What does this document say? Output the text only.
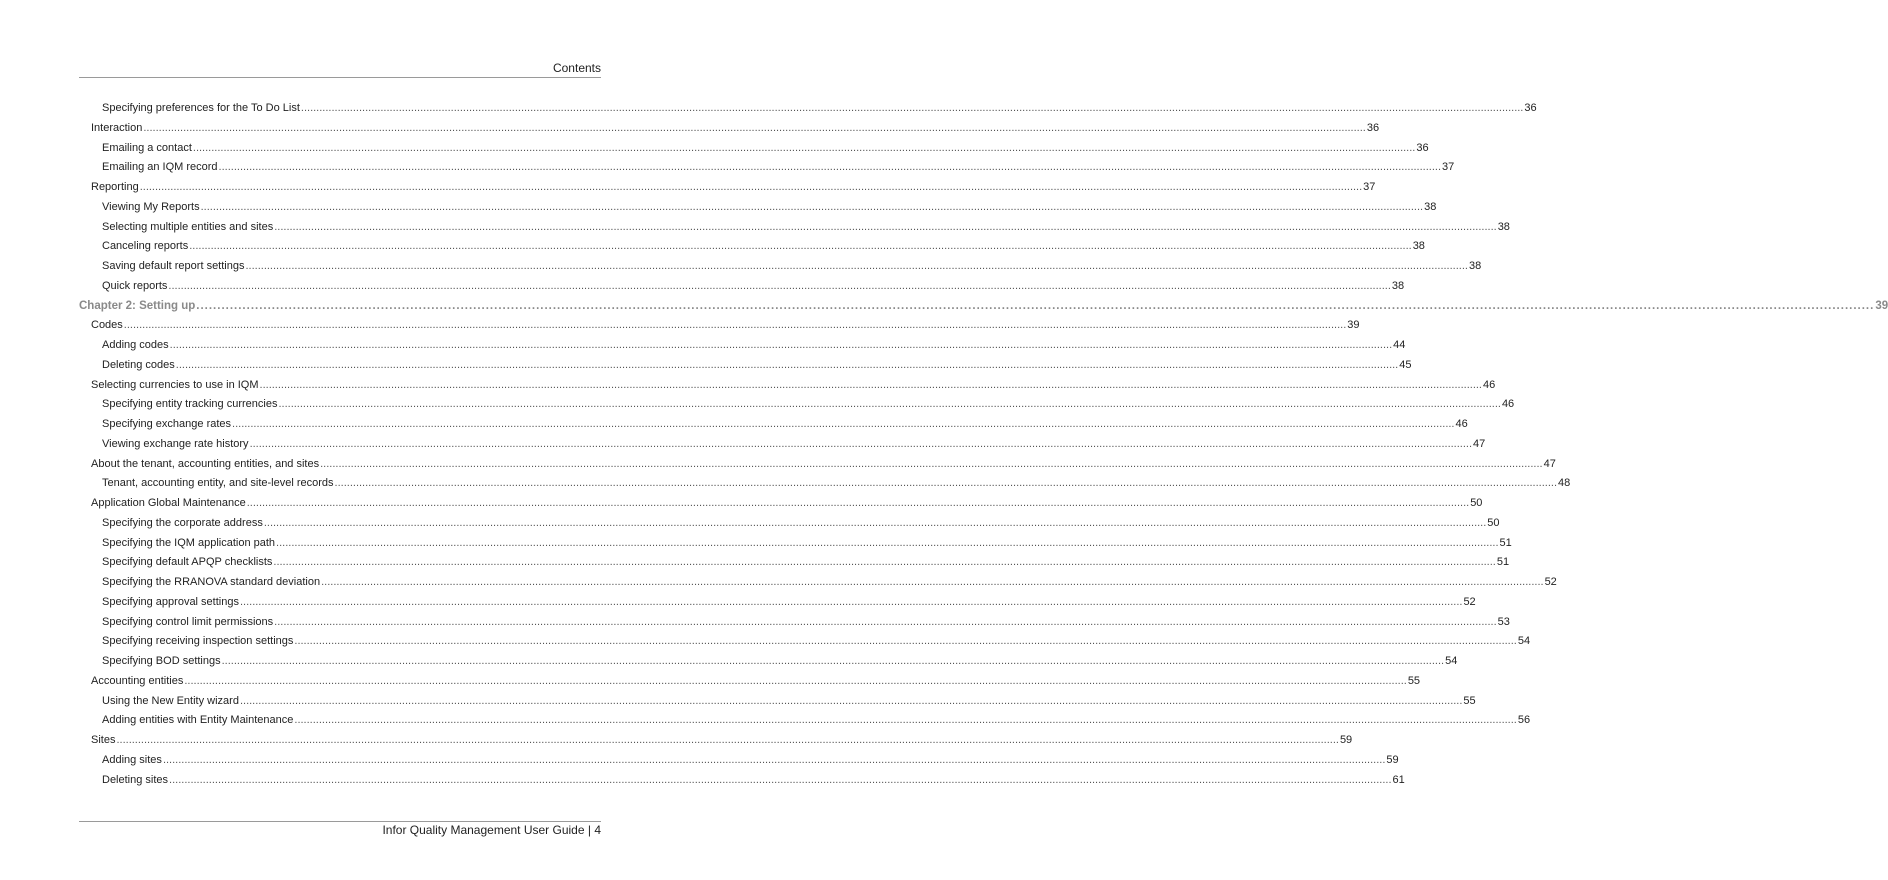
Contents
Specifying preferences for the To Do List ................................................................................................................................................................................................................................................................................................................................................................................................................ 36
Interaction ................................................................................................................................................................................................................................................................................................................................................................................................................ 36
Emailing a contact ................................................................................................................................................................................................................................................................................................................................................................................................................ 36
Emailing an IQM record ................................................................................................................................................................................................................................................................................................................................................................................................................ 37
Reporting ................................................................................................................................................................................................................................................................................................................................................................................................................ 37
Viewing My Reports ................................................................................................................................................................................................................................................................................................................................................................................................................ 38
Selecting multiple entities and sites ................................................................................................................................................................................................................................................................................................................................................................................................................ 38
Canceling reports ................................................................................................................................................................................................................................................................................................................................................................................................................ 38
Saving default report settings ................................................................................................................................................................................................................................................................................................................................................................................................................ 38
Quick reports ................................................................................................................................................................................................................................................................................................................................................................................................................ 38
Chapter 2: Setting up ................................................................................................................................................................................................................................................................................................................................................................................................................ 39
Codes ................................................................................................................................................................................................................................................................................................................................................................................................................ 39
Adding codes ................................................................................................................................................................................................................................................................................................................................................................................................................ 44
Deleting codes ................................................................................................................................................................................................................................................................................................................................................................................................................ 45
Selecting currencies to use in IQM ................................................................................................................................................................................................................................................................................................................................................................................................................ 46
Specifying entity tracking currencies ................................................................................................................................................................................................................................................................................................................................................................................................................ 46
Specifying exchange rates ................................................................................................................................................................................................................................................................................................................................................................................................................ 46
Viewing exchange rate history ................................................................................................................................................................................................................................................................................................................................................................................................................ 47
About the tenant, accounting entities, and sites ................................................................................................................................................................................................................................................................................................................................................................................................................ 47
Tenant, accounting entity, and site-level records ................................................................................................................................................................................................................................................................................................................................................................................................................ 48
Application Global Maintenance ................................................................................................................................................................................................................................................................................................................................................................................................................ 50
Specifying the corporate address ................................................................................................................................................................................................................................................................................................................................................................................................................ 50
Specifying the IQM application path ................................................................................................................................................................................................................................................................................................................................................................................................................ 51
Specifying default APQP checklists ................................................................................................................................................................................................................................................................................................................................................................................................................ 51
Specifying the RRANOVA standard deviation ................................................................................................................................................................................................................................................................................................................................................................................................................ 52
Specifying approval settings ................................................................................................................................................................................................................................................................................................................................................................................................................ 52
Specifying control limit permissions ................................................................................................................................................................................................................................................................................................................................................................................................................ 53
Specifying receiving inspection settings ................................................................................................................................................................................................................................................................................................................................................................................................................ 54
Specifying BOD settings ................................................................................................................................................................................................................................................................................................................................................................................................................ 54
Accounting entities ................................................................................................................................................................................................................................................................................................................................................................................................................ 55
Using the New Entity wizard ................................................................................................................................................................................................................................................................................................................................................................................................................ 55
Adding entities with Entity Maintenance ................................................................................................................................................................................................................................................................................................................................................................................................................ 56
Sites ................................................................................................................................................................................................................................................................................................................................................................................................................ 59
Adding sites ................................................................................................................................................................................................................................................................................................................................................................................................................ 59
Deleting sites ................................................................................................................................................................................................................................................................................................................................................................................................................ 61
Infor Quality Management User Guide | 4
